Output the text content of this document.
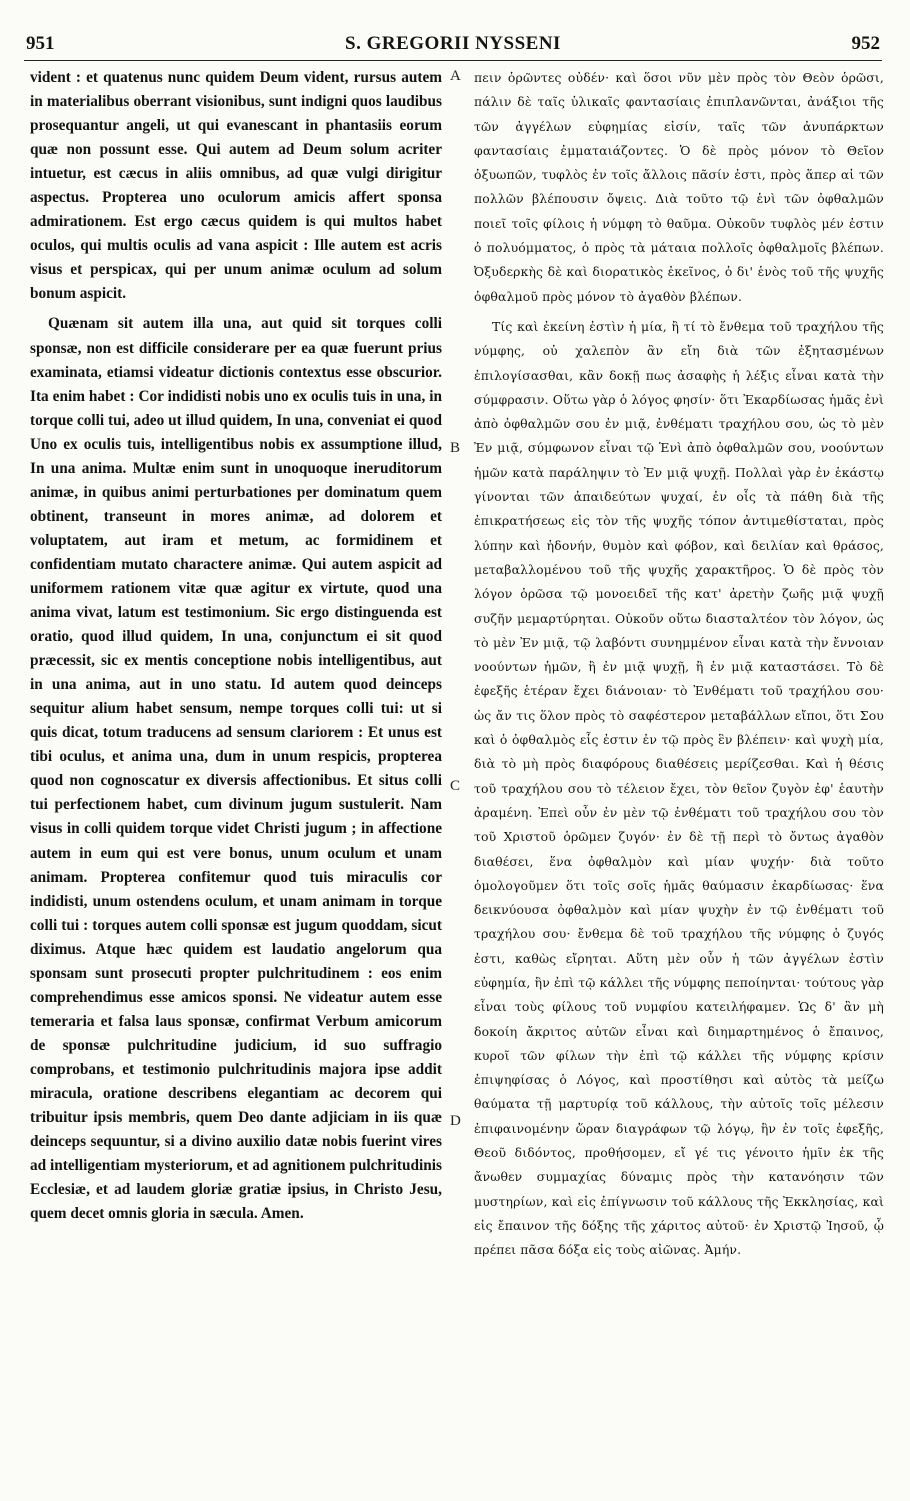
951	S. GREGORII NYSSENI	952

vident : et quatenus nunc quidem Deum vident, rursus autem in materialibus oberrant visionibus, sunt indigni quos laudibus prosequantur angeli, ut qui evanescant in phantasiis eorum quæ non possunt esse. Qui autem ad Deum solum acriter intuetur, est cæcus in aliis omnibus, ad quæ vulgi dirigitur aspectus. Propterea uno oculorum amicis affert sponsa admirationem. Est ergo cæcus quidem is qui multos habet oculos, qui multis oculis ad vana aspicit : Ille autem est acris visus et perspicax, qui per unum animæ oculum ad solum bonum aspicit.

Quænam sit autem illa una, aut quid sit torques colli sponsæ, non est difficile considerare per ea quæ fuerunt prius examinata, etiamsi videatur dictionis contextus esse obscurior. Ita enim habet : Cor indidisti nobis uno ex oculis tuis in una, in torque colli tui, adeo ut illud quidem, In una, conveniat ei quod Uno ex oculis tuis, intelligentibus nobis ex assumptione illud, In una anima. Multæ enim sunt in unoquoque ineruditorum animæ, in quibus animi perturbationes per dominatum quem obtinent, transeunt in mores animæ, ad dolorem et voluptatem, aut iram et metum, ac formidinem et confidentiam mutato charactere animæ. Qui autem aspicit ad uniformem rationem vitæ quæ agitur ex virtute, quod una anima vivat, latum est testimonium. Sic ergo distinguenda est oratio, quod illud quidem, In una, conjunctum ei sit quod præcessit, sic ex mentis conceptione nobis intelligentibus, aut in una anima, aut in uno statu. Id autem quod deinceps sequitur alium habet sensum, nempe torques colli tui: ut si quis dicat, totum traducens ad sensum clariorem : Et unus est tibi oculus, et anima una, dum in unum respicis, propterea quod non cognoscatur ex diversis affectionibus. Et situs colli tui perfectionem habet, cum divinum jugum sustulerit. Nam visus in colli quidem torque videt Christi jugum ; in affectione autem in eum qui est vere bonus, unum oculum et unam animam. Propterea confitemur quod tuis miraculis cor indidisti, unum ostendens oculum, et unam animam in torque colli tui : torques autem colli sponsæ est jugum quoddam, sicut diximus. Atque hæc quidem est laudatio angelorum qua sponsam sunt prosecuti propter pulchritudinem : eos enim comprehendimus esse amicos sponsi. Ne videatur autem esse temeraria et falsa laus sponsæ, confirmat Verbum amicorum de sponsæ pulchritudine judicium, id suo suffragio comprobans, et testimonio pulchritudinis majora ipse addit miracula, oratione describens elegantiam ac decorem qui tribuitur ipsis membris, quem Deo dante adjiciam in iis quæ deinceps sequuntur, si a divino auxilio datæ nobis fuerint vires ad intelligentiam mysteriorum, et ad agnitionem pulchritudinis Ecclesiæ, et ad laudem gloriæ gratiæ ipsius, in Christo Jesu, quem decet omnis gloria in sæcula. Amen.

πειν ὁρῶντες οὐδέν· καὶ ὅσοι νῦν μὲν πρὸς τὸν Θεὸν ὁρῶσι, πάλιν δὲ ταῖς ὑλικαῖς φαντασίαις ἐπιπλανῶνται, ἀνάξιοι τῆς τῶν ἀγγέλων εὐφημίας εἰσίν, ταῖς τῶν ἀνυπάρκτων φαντασίαις ἐμματαιάζοντες. Ὁ δὲ πρὸς μόνον τὸ Θεῖον ὀξυωπῶν, τυφλὸς ἐν τοῖς ἄλλοις πᾶσίν ἐστι, πρὸς ἅπερ αἱ τῶν πολλῶν βλέπουσιν ὄψεις. Διὰ τοῦτο τῷ ἑνὶ τῶν ὀφθαλμῶν ποιεῖ τοῖς φίλοις ἡ νύμφη τὸ θαῦμα. Οὐκοῦν τυφλὸς μέν ἐστιν ὁ πολυόμματος, ὁ πρὸς τὰ μάταια πολλοῖς ὀφθαλμοῖς βλέπων. Ὀξυδερκὴς δὲ καὶ διορατικὸς ἐκεῖνος, ὁ δι' ἑνὸς τοῦ τῆς ψυχῆς ὀφθαλμοῦ πρὸς μόνον τὸ ἀγαθὸν βλέπων.

Τίς καὶ ἐκείνη ἐστὶν ἡ μία, ἢ τί τὸ ἔνθεμα τοῦ τραχήλου τῆς νύμφης, οὐ χαλεπὸν ἂν εἴη διὰ τῶν ἐξητασμένων ἐπιλογίσασθαι, κἂν δοκῇ πως ἀσαφὴς ἡ λέξις εἶναι κατὰ τὴν σύμφρασιν. Οὕτω γὰρ ὁ λόγος φησίν· ὅτι Ἐκαρδίωσας ἡμᾶς ἐνὶ ἀπὸ ὀφθαλμῶν σου ἐν μιᾷ, ἐνθέματι τραχήλου σου, ὡς τὸ μὲν Ἐν μιᾷ, σύμφωνον εἶναι τῷ Ἑνὶ ἀπὸ ὀφθαλμῶν σου, νοούντων ἡμῶν κατὰ παράληψιν τὸ Ἐν μιᾷ ψυχῇ. Πολλαὶ γὰρ ἐν ἑκάστῳ γίνονται τῶν ἀπαιδεύτων ψυχαί, ἐν οἷς τὰ πάθη διὰ τῆς ἐπικρατήσεως εἰς τὸν τῆς ψυχῆς τόπον ἀντιμεθίσταται, πρὸς λύπην καὶ ἡδονήν, θυμὸν καὶ φόβον, καὶ δειλίαν καὶ θράσος, μεταβαλλομένου τοῦ τῆς ψυχῆς χαρακτῆρος. Ὁ δὲ πρὸς τὸν λόγον ὁρῶσα τῷ μονοειδεῖ τῆς κατ' ἀρετὴν ζωῆς μιᾷ ψυχῇ συζῆν μεμαρτύρηται. Οὐκοῦν οὕτω διασταλτέον τὸν λόγον, ὡς τὸ μὲν Ἐν μιᾷ, τῷ λαβόντι συνημμένον εἶναι κατὰ τὴν ἔννοιαν νοούντων ἡμῶν, ἢ ἐν μιᾷ ψυχῇ, ἢ ἐν μιᾷ καταστάσει. Τὸ δὲ ἐφεξῆς ἑτέραν ἔχει διάνοιαν· τὸ Ἐνθέματι τοῦ τραχήλου σου· ὡς ἄν τις ὅλον πρὸς τὸ σαφέστερον μεταβάλλων εἴποι, ὅτι Σου καὶ ὁ ὀφθαλμὸς εἷς ἐστιν ἐν τῷ πρὸς ἓν βλέπειν· καὶ ψυχὴ μία, διὰ τὸ μὴ πρὸς διαφόρους διαθέσεις μερίζεσθαι. Καὶ ἡ θέσις τοῦ τραχήλου σου τὸ τέλειον ἔχει, τὸν θεῖον ζυγὸν ἐφ' ἑαυτὴν ἀραμένη. Ἐπεὶ οὖν ἐν μὲν τῷ ἐνθέματι τοῦ τραχήλου σου τὸν τοῦ Χριστοῦ ὁρῶμεν ζυγόν· ἐν δὲ τῇ περὶ τὸ ὄντως ἀγαθὸν διαθέσει, ἕνα ὀφθαλμὸν καὶ μίαν ψυχήν· διὰ τοῦτο ὁμολογοῦμεν ὅτι τοῖς σοῖς ἡμᾶς θαύμασιν ἐκαρδίωσας· ἕνα δεικνύουσα ὀφθαλμὸν καὶ μίαν ψυχὴν ἐν τῷ ἐνθέματι τοῦ τραχήλου σου· ἔνθεμα δὲ τοῦ τραχήλου τῆς νύμφης ὁ ζυγός ἐστι, καθὼς εἴρηται. Αὕτη μὲν οὖν ἡ τῶν ἀγγέλων ἐστὶν εὐφημία, ἣν ἐπὶ τῷ κάλλει τῆς νύμφης πεποίηνται· τούτους γὰρ εἶναι τοὺς φίλους τοῦ νυμφίου κατειλήφαμεν. Ὡς δ' ἂν μὴ δοκοίη ἄκριτος αὐτῶν εἶναι καὶ διημαρτημένος ὁ ἔπαινος, κυροῖ τῶν φίλων τὴν ἐπὶ τῷ κάλλει τῆς νύμφης κρίσιν ἐπιψηφίσας ὁ Λόγος, καὶ προστίθησι καὶ αὐτὸς τὰ μείζω θαύματα τῇ μαρτυρίᾳ τοῦ κάλλους, τὴν αὐτοῖς τοῖς μέλεσιν ἐπιφαινομένην ὥραν διαγράφων τῷ λόγῳ, ἣν ἐν τοῖς ἐφεξῆς, Θεοῦ διδόντος, προθήσομεν, εἴ γέ τις γένοιτο ἡμῖν ἐκ τῆς ἄνωθεν συμμαχίας δύναμις πρὸς τὴν κατανόησιν τῶν μυστηρίων, καὶ εἰς ἐπίγνωσιν τοῦ κάλλους τῆς Ἐκκλησίας, καὶ εἰς ἔπαινον τῆς δόξης τῆς χάριτος αὐτοῦ· ἐν Χριστῷ Ἰησοῦ, ᾧ πρέπει πᾶσα δόξα εἰς τοὺς αἰῶνας. Ἀμήν.

A
B
C
D
